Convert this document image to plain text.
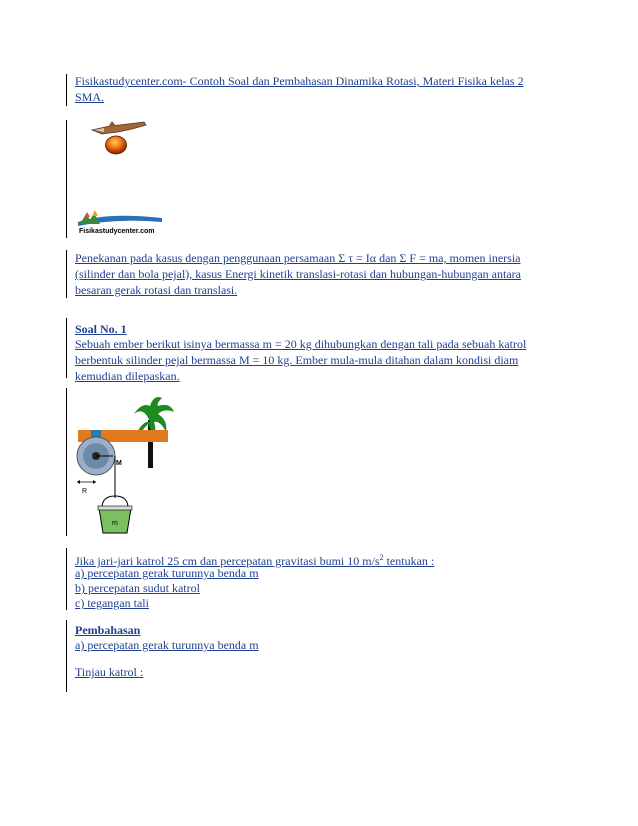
Fisikastudycenter.com- Contoh Soal dan Pembahasan Dinamika Rotasi, Materi Fisika kelas 2
SMA.
Fisikastudycenter.com
Penekanan pada kasus dengan penggunaan persamaan Σ τ = Iα dan Σ F = ma, momen inersia
(silinder dan bola pejal), kasus Energi kinetik translasi-rotasi dan hubungan-hubungan antara
besaran gerak rotasi dan translasi.
Soal No. 1
Sebuah ember berikut isinya bermassa m = 20 kg dihubungkan dengan tali pada sebuah katrol
berbentuk silinder pejal bermassa M = 10 kg. Ember mula-mula ditahan dalam kondisi diam
kemudian dilepaskan.
M
R
m
Jika jari-jari katrol 25 cm dan percepatan gravitasi bumi 10 $m/s^2$ tentukan :
a) percepatan gerak turunnya benda m
b) percepatan sudut katrol
c) tegangan tali
Pembahasan
a) percepatan gerak turunnya benda m
Tinjau katrol :
